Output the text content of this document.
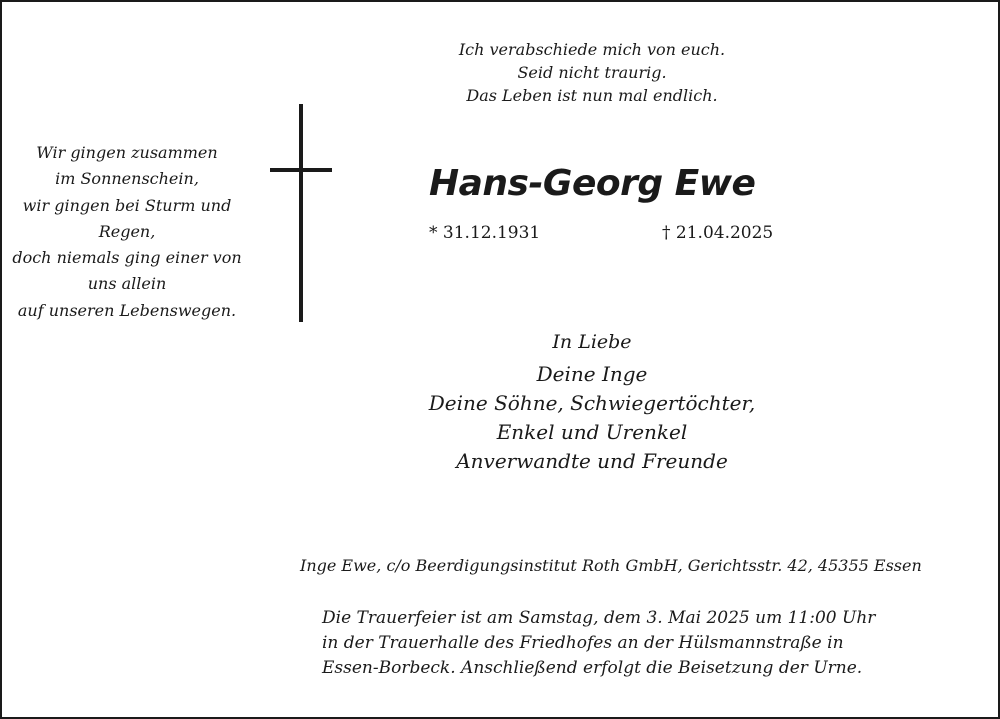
Ich verabschiede mich von euch.
Seid nicht traurig.
Das Leben ist nun mal endlich.
Wir gingen zusammen
im Sonnenschein,
wir gingen bei Sturm und
Regen,
doch niemals ging einer von
uns allein
auf unseren Lebenswegen.
Hans-Georg Ewe
* 31.12.1931	† 21.04.2025
In Liebe
Deine Inge
Deine Söhne, Schwiegertöchter,
Enkel und Urenkel
Anverwandte und Freunde
Inge Ewe, c/o Beerdigungsinstitut Roth GmbH, Gerichtsstr. 42, 45355 Essen
Die Trauerfeier ist am Samstag, dem 3. Mai 2025 um 11:00 Uhr
in der Trauerhalle des Friedhofes an der Hülsmannstraße in
Essen-Borbeck. Anschließend erfolgt die Beisetzung der Urne.
